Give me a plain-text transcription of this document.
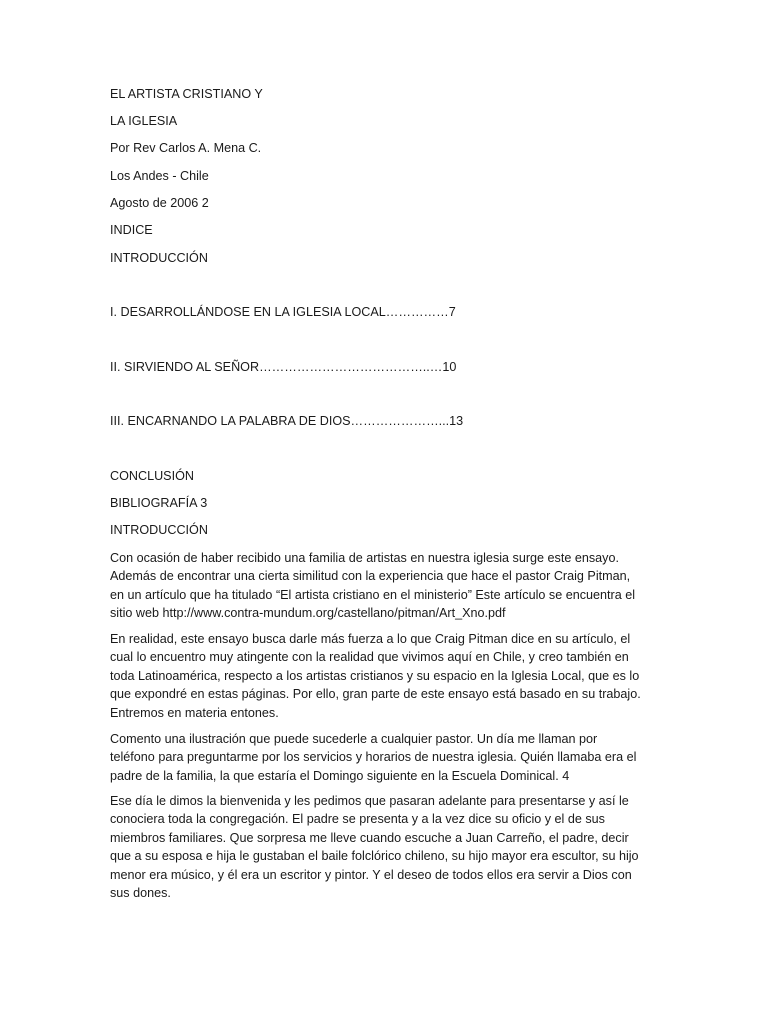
EL ARTISTA CRISTIANO Y
LA IGLESIA
Por Rev Carlos A. Mena C.
Los Andes - Chile
Agosto de 2006 2
INDICE
INTRODUCCIÓN
I. DESARROLLÁNDOSE EN LA IGLESIA LOCAL……………7
II. SIRVIENDO AL SEÑOR…………………………………..…10
III. ENCARNANDO LA PALABRA DE DIOS…………………...13
CONCLUSIÓN
BIBLIOGRAFÍA 3
INTRODUCCIÓN
Con ocasión de haber recibido una familia de artistas en nuestra iglesia surge este ensayo.
Además de encontrar una cierta similitud con la experiencia que hace el pastor Craig Pitman,
en un artículo que ha titulado “El artista cristiano en el ministerio” Este artículo se encuentra el
sitio web http://www.contra-mundum.org/castellano/pitman/Art_Xno.pdf
En realidad, este ensayo busca darle más fuerza a lo que Craig Pitman dice en su artículo, el
cual lo encuentro muy atingente con la realidad que vivimos aquí en Chile, y creo también en
toda Latinoamérica, respecto a los artistas cristianos y su espacio en la Iglesia Local, que es lo
que expondré en estas páginas. Por ello, gran parte de este ensayo está basado en su trabajo.
Entremos en materia entones.
Comento una ilustración que puede sucederle a cualquier pastor. Un día me llaman por
teléfono para preguntarme por los servicios y horarios de nuestra iglesia. Quién llamaba era el
padre de la familia, la que estaría el Domingo siguiente en la Escuela Dominical. 4
Ese día le dimos la bienvenida y les pedimos que pasaran adelante para presentarse y así le
conociera toda la congregación. El padre se presenta y a la vez dice su oficio y el de sus
miembros familiares. Que sorpresa me lleve cuando escuche a Juan Carreño, el padre, decir
que a su esposa e hija le gustaban el baile folclórico chileno, su hijo mayor era escultor, su hijo
menor era músico, y él era un escritor y pintor. Y el deseo de todos ellos era servir a Dios con
sus dones.
